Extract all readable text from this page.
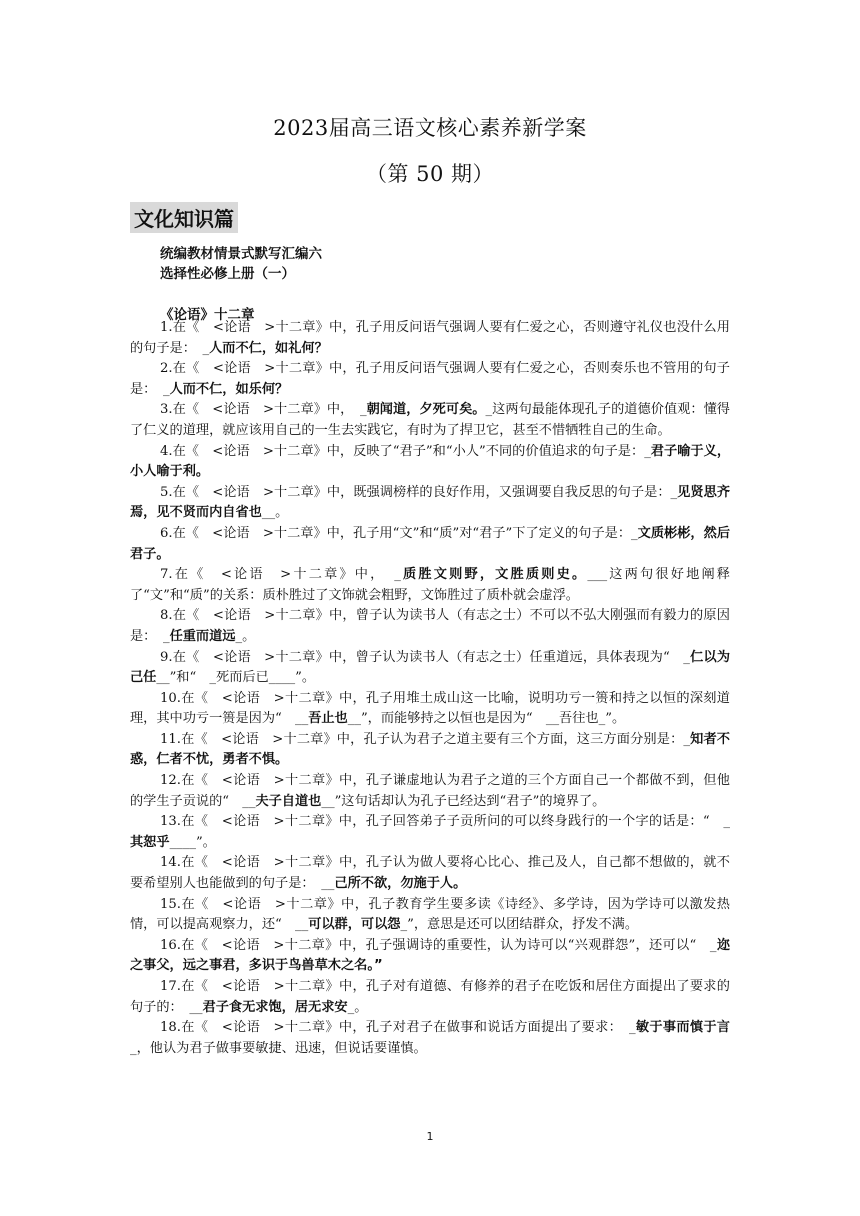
2023届高三语文核心素养新学案
（第 50 期）
文化知识篇
统编教材情景式默写汇编六
选择性必修上册（一）
《论语》十二章

1.在《　<论语　>十二章》中，孔子用反问语气强调人要有仁爱之心，否则遵守礼仪也没什么用的句子是：　_人而不仁，如礼何？

2.在《　<论语　>十二章》中，孔子用反问语气强调人要有仁爱之心，否则奏乐也不管用的句子是：　_人而不仁，如乐何？

3.在《　<论语　>十二章》中，　_朝闻道，夕死可矣。_这两句最能体现孔子的道德价值观：懂得了仁义的道理，就应该用自己的一生去实践它，有时为了捍卫它，甚至不惜牺牲自己的生命。

4.在《　<论语　>十二章》中，反映了“君子”和“小人”不同的价值追求的句子是：_君子喻于义，小人喻于利。

5.在《　<论语　>十二章》中，既强调榜样的良好作用，又强调要自我反思的句子是：_见贤思齐焉，见不贤而内自省也__。

6.在《　<论语　>十二章》中，孔子用“文”和“质”对“君子”下了定义的句子是：_文质彬彬，然后君子。

7.在《　<论语　>十二章》中，　_质胜文则野，文胜质则史。___这两句很好地阐释了“文”和“质”的关系：质朴胜过了文饰就会粗野，文饰胜过了质朴就会虚浮。

8.在《　<论语　>十二章》中，曾子认为读书人（有志之士）不可以不弘大刚强而有毅力的原因是：　_任重而道远_。

9.在《　<论语　>十二章》中，曾子认为读书人（有志之士）任重道远，具体表现为“　_仁以为己任__”和“　_死而后已____”。

10.在《　<论语　>十二章》中，孔子用堆土成山这一比喻，说明功亏一篑和持之以恒的深刻道理，其中功亏一篑是因为“　__吾止也__”，而能够持之以恒也是因为“　__吾往也_”。

11.在《　<论语　>十二章》中，孔子认为君子之道主要有三个方面，这三方面分别是：_知者不惑，仁者不忧，勇者不惧。

12.在《　<论语　>十二章》中，孔子谦虚地认为君子之道的三个方面自己一个都做不到，但他的学生子贡说的“　__夫子自道也__”这句话却认为孔子已经达到“君子”的境界了。

13.在《　<论语　>十二章》中，孔子回答弟子子贡所问的可以终身践行的一个字的话是：“　_其恕乎____”。

14.在《　<论语　>十二章》中，孔子认为做人要将心比心、推己及人，自己都不想做的，就不要希望别人也能做到的句子是：　__己所不欲，勿施于人。

15.在《　<论语　>十二章》中，孔子教育学生要多读《诗经》、多学诗，因为学诗可以激发热情，可以提高观察力，还“　__可以群，可以怨_”，意思是还可以团结群众，抒发不满。

16.在《　<论语　>十二章》中，孔子强调诗的重要性，认为诗可以“兴观群怨”，还可以“　_迩之事父，远之事君，多识于鸟兽草木之名。”

17.在《　<论语　>十二章》中，孔子对有道德、有修养的君子在吃饭和居住方面提出了要求的句子的：　__君子食无求饱，居无求安_。

18.在《　<论语　>十二章》中，孔子对君子在做事和说话方面提出了要求：　_敏于事而慎于言_，他认为君子做事要敏捷、迅速，但说话要谨慎。

1
